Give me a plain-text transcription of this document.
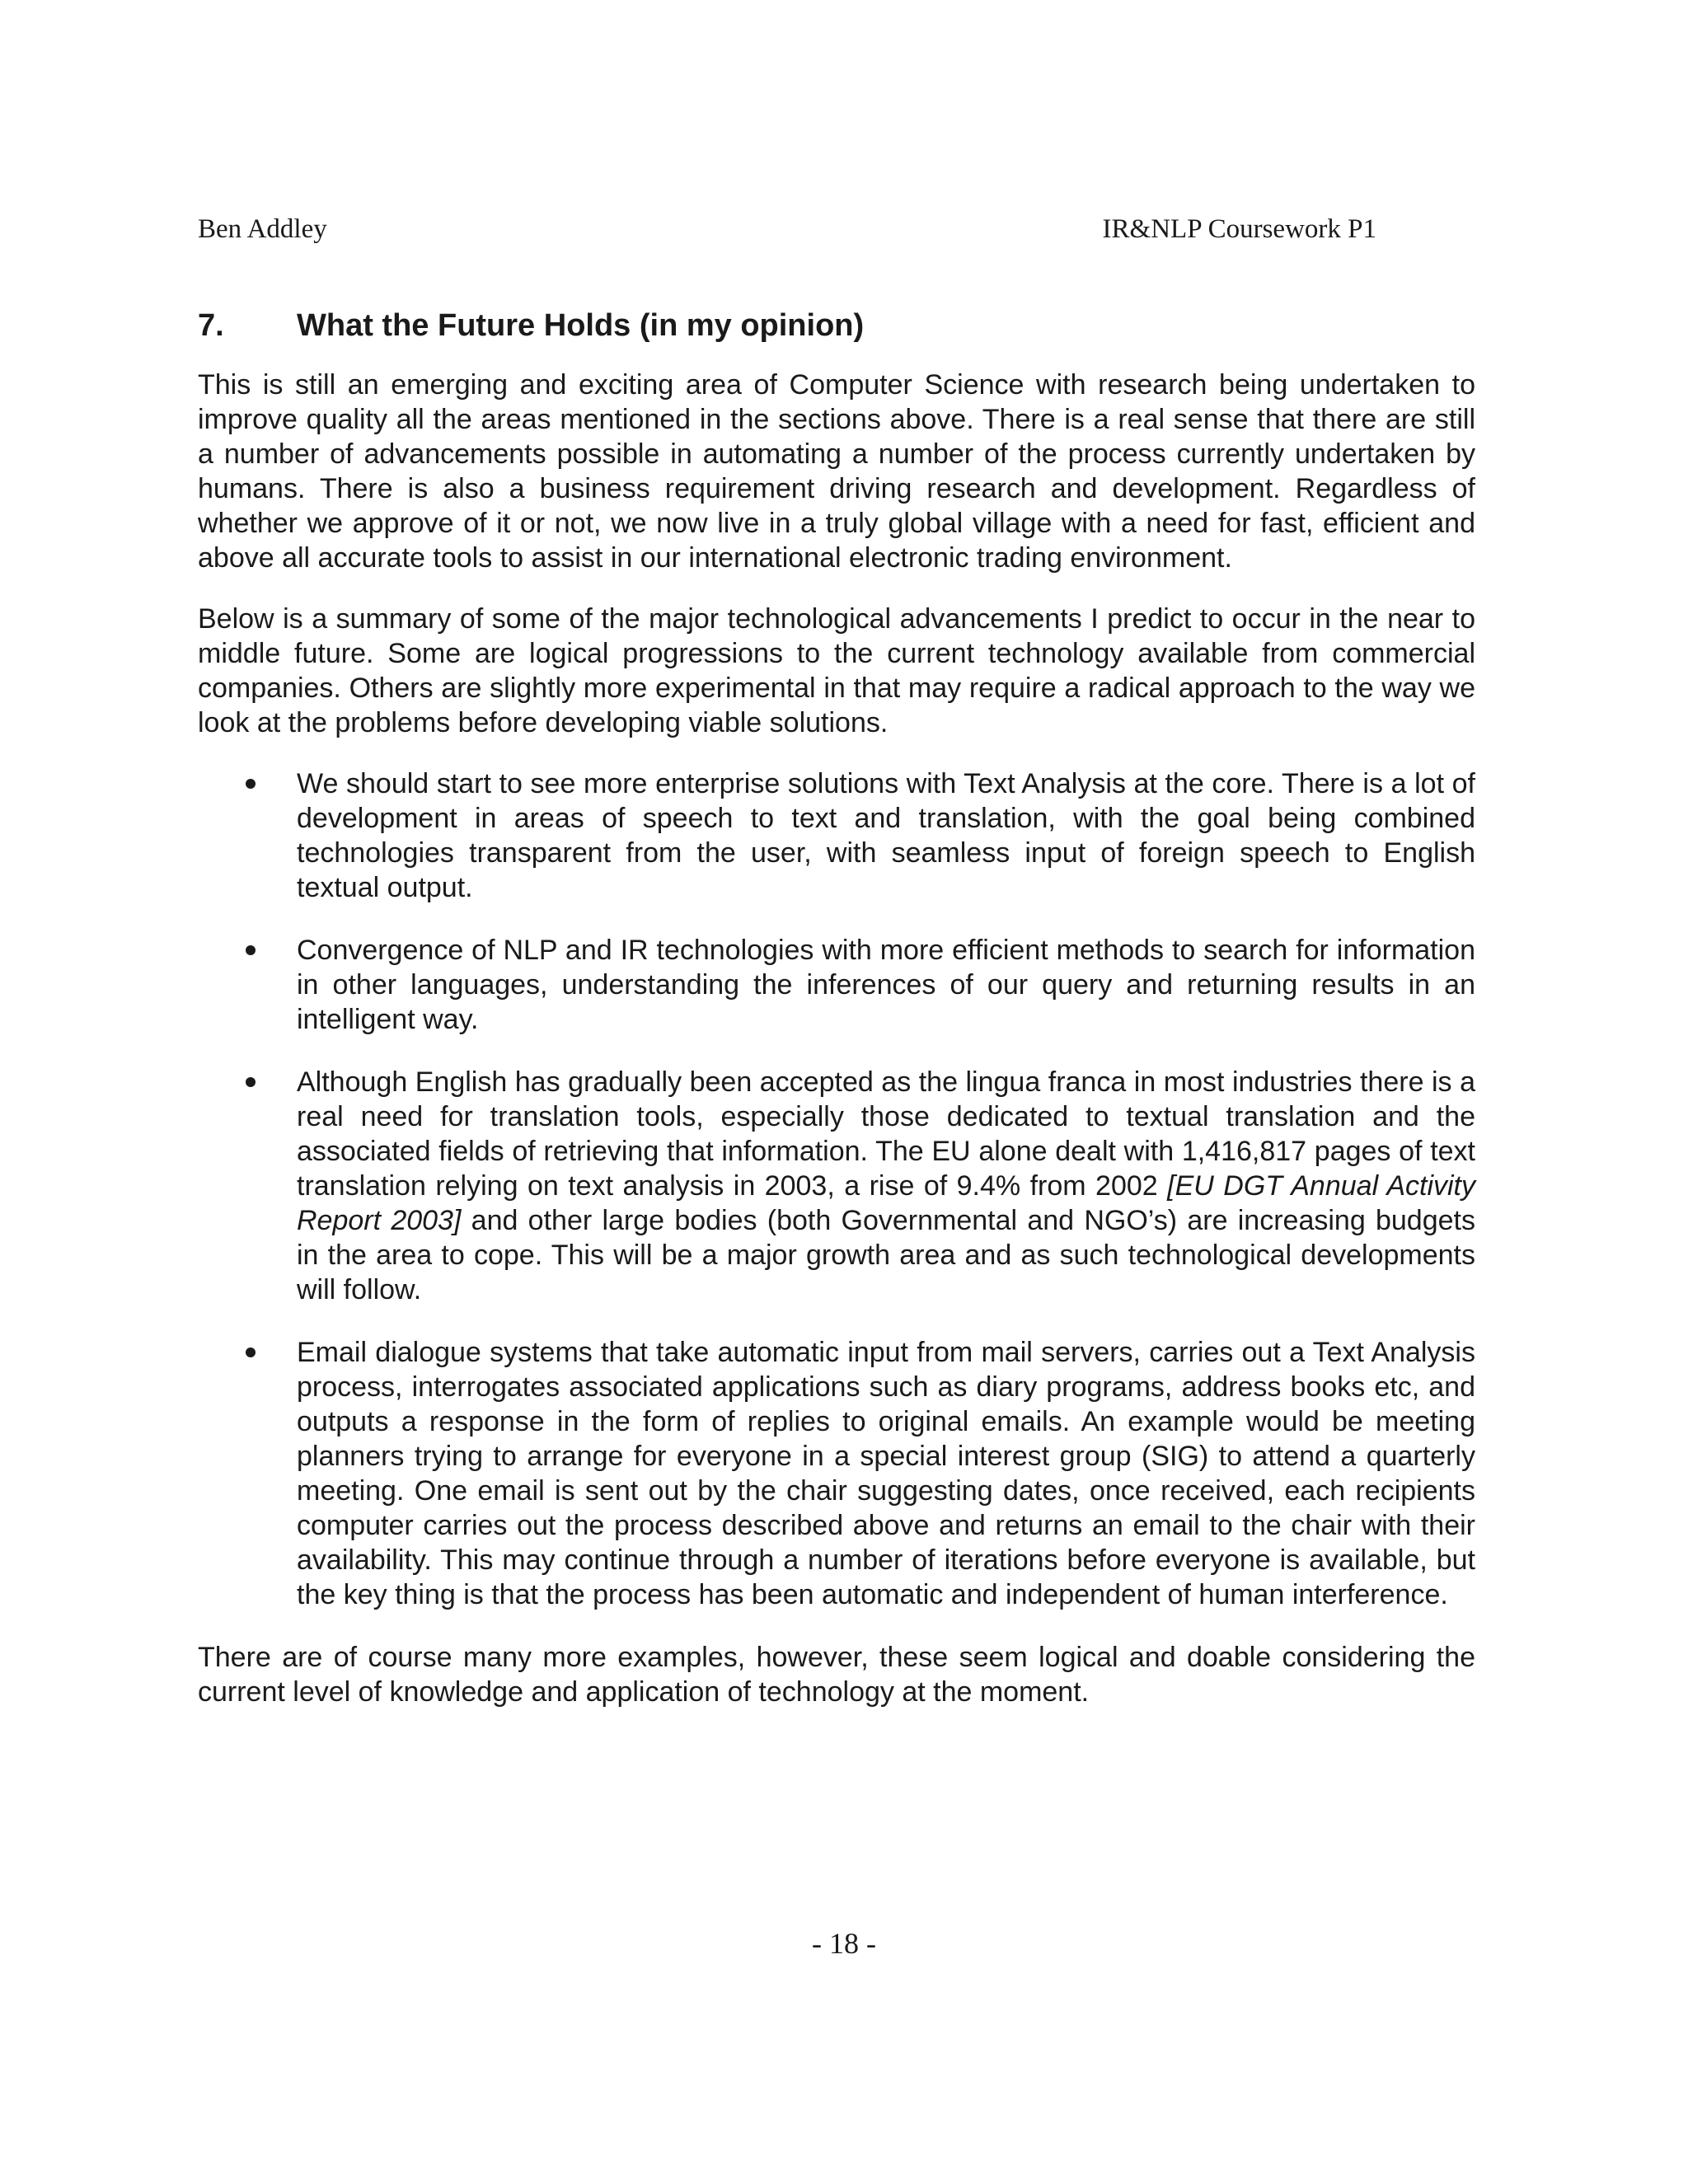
Ben Addley	IR&NLP Coursework P1
7. What the Future Holds (in my opinion)

This is still an emerging and exciting area of Computer Science with research being undertaken to improve quality all the areas mentioned in the sections above. There is a real sense that there are still a number of advancements possible in automating a number of the process currently undertaken by humans. There is also a business requirement driving research and development. Regardless of whether we approve of it or not, we now live in a truly global village with a need for fast, efficient and above all accurate tools to assist in our international electronic trading environment.

Below is a summary of some of the major technological advancements I predict to occur in the near to middle future. Some are logical progressions to the current technology available from commercial companies. Others are slightly more experimental in that may require a radical approach to the way we look at the problems before developing viable solutions.

We should start to see more enterprise solutions with Text Analysis at the core. There is a lot of development in areas of speech to text and translation, with the goal being combined technologies transparent from the user, with seamless input of foreign speech to English textual output.
Convergence of NLP and IR technologies with more efficient methods to search for information in other languages, understanding the inferences of our query and returning results in an intelligent way.
Although English has gradually been accepted as the lingua franca in most industries there is a real need for translation tools, especially those dedicated to textual translation and the associated fields of retrieving that information. The EU alone dealt with 1,416,817 pages of text translation relying on text analysis in 2003, a rise of 9.4% from 2002 [EU DGT Annual Activity Report 2003] and other large bodies (both Governmental and NGO’s) are increasing budgets in the area to cope. This will be a major growth area and as such technological developments will follow.
Email dialogue systems that take automatic input from mail servers, carries out a Text Analysis process, interrogates associated applications such as diary programs, address books etc, and outputs a response in the form of replies to original emails. An example would be meeting planners trying to arrange for everyone in a special interest group (SIG) to attend a quarterly meeting. One email is sent out by the chair suggesting dates, once received, each recipients computer carries out the process described above and returns an email to the chair with their availability. This may continue through a number of iterations before everyone is available, but the key thing is that the process has been automatic and independent of human interference.

There are of course many more examples, however, these seem logical and doable considering the current level of knowledge and application of technology at the moment.

- 18 -
